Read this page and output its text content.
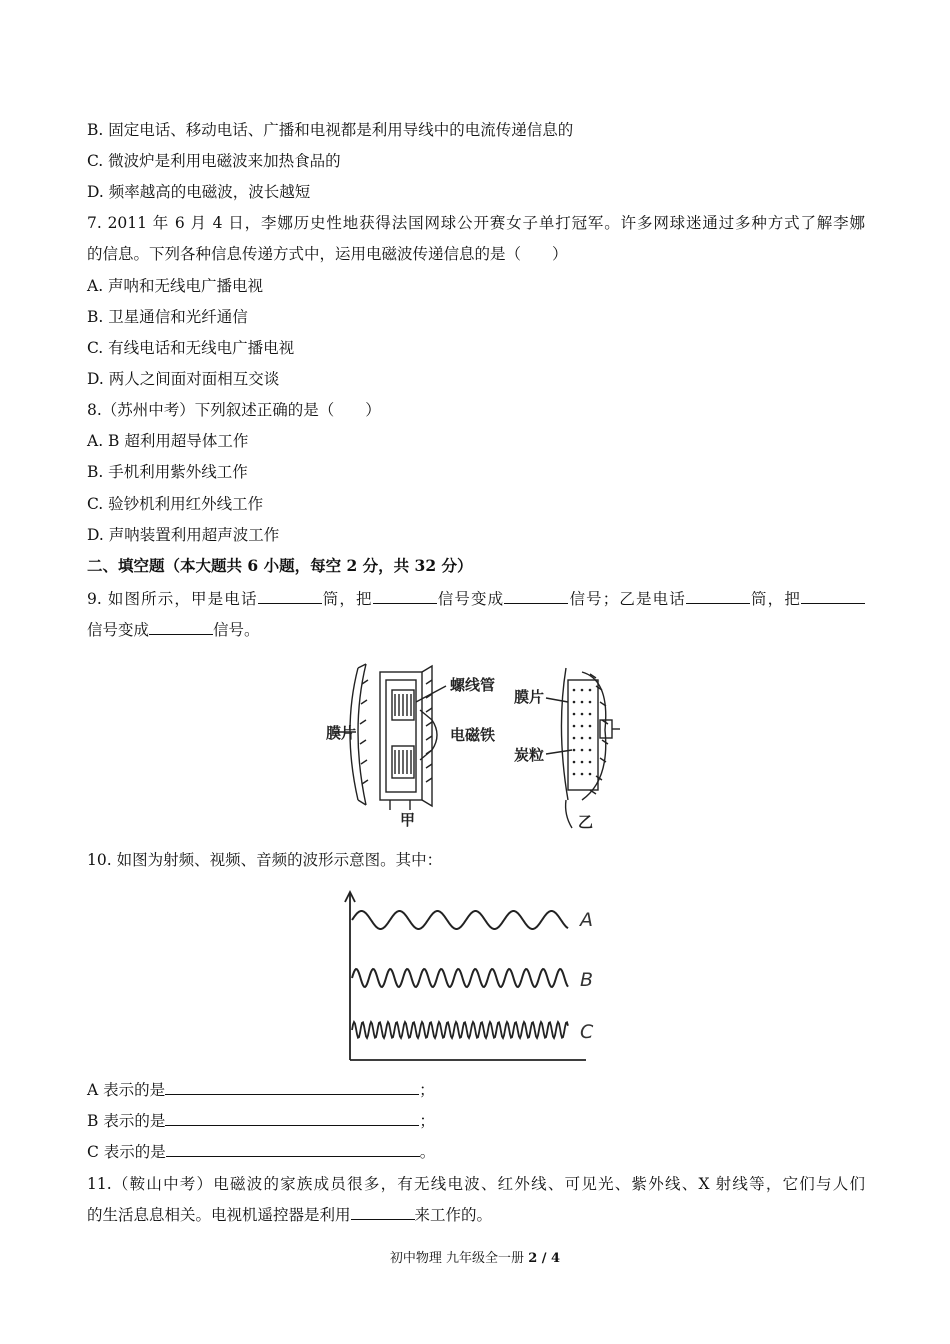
B. 固定电话、移动电话、广播和电视都是利用导线中的电流传递信息的
C. 微波炉是利用电磁波来加热食品的
D. 频率越高的电磁波，波长越短
7. 2011 年 6 月 4 日，李娜历史性地获得法国网球公开赛女子单打冠军。许多网球迷通过多种方式了解李娜
的信息。下列各种信息传递方式中，运用电磁波传递信息的是（　　）
A. 声呐和无线电广播电视
B. 卫星通信和光纤通信
C. 有线电话和无线电广播电视
D. 两人之间面对面相互交谈
8.（苏州中考）下列叙述正确的是（　　）
A. B 超利用超导体工作
B. 手机利用紫外线工作
C. 验钞机利用红外线工作
D. 声呐装置利用超声波工作
二、填空题（本大题共 6 小题，每空 2 分，共 32 分）
9. 如图所示，甲是电话	筒，把	信号变成	信号；乙是电话	筒，把
信号变成	信号。
螺线管
膜片	电磁铁
甲
膜片
炭粒
乙
10. 如图为射频、视频、音频的波形示意图。其中：
A
B
C
A 表示的是	；
B 表示的是	；
C 表示的是	。
11.（鞍山中考）电磁波的家族成员很多，有无线电波、红外线、可见光、紫外线、X 射线等，它们与人们
的生活息息相关。电视机遥控器是利用	来工作的。
初中物理 九年级全一册 2 / 4
